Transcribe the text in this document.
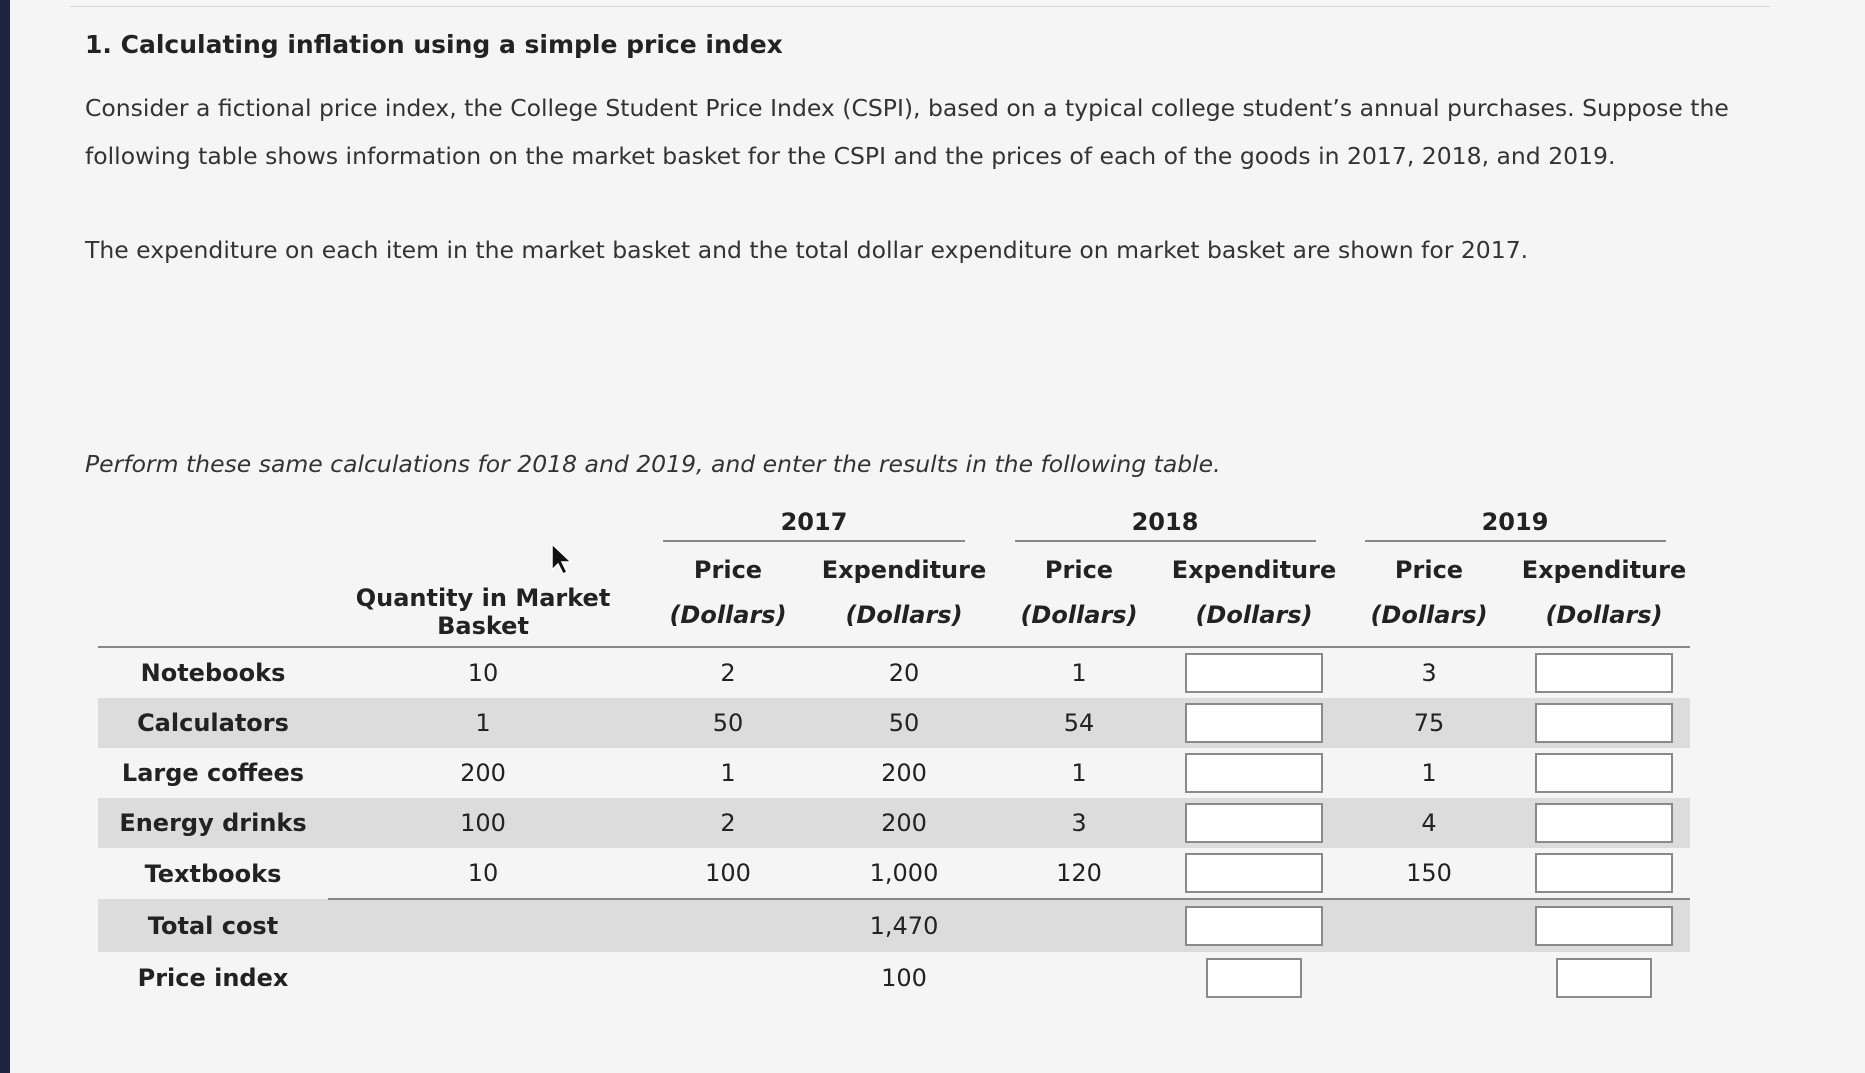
1. Calculating inflation using a simple price index

Consider a fictional price index, the College Student Price Index (CSPI), based on a typical college student’s annual purchases. Suppose the following table shows information on the market basket for the CSPI and the prices of each of the goods in 2017, 2018, and 2019.

The expenditure on each item in the market basket and the total dollar expenditure on market basket are shown for 2017.

Perform these same calculations for 2018 and 2019, and enter the results in the following table.

		2017		2018		2019	
		Price	Expenditure	Price	Expenditure	Price	Expenditure
	Quantity in Market Basket	(Dollars)	(Dollars)	(Dollars)	(Dollars)	(Dollars)	(Dollars)
Notebooks	10	2	20	1		3	
Calculators	1	50	50	54		75	
Large coffees	200	1	200	1		1	
Energy drinks	100	2	200	3		4	
Textbooks	10	100	1,000	120		150	
Total cost			1,470				
Price index			100				
